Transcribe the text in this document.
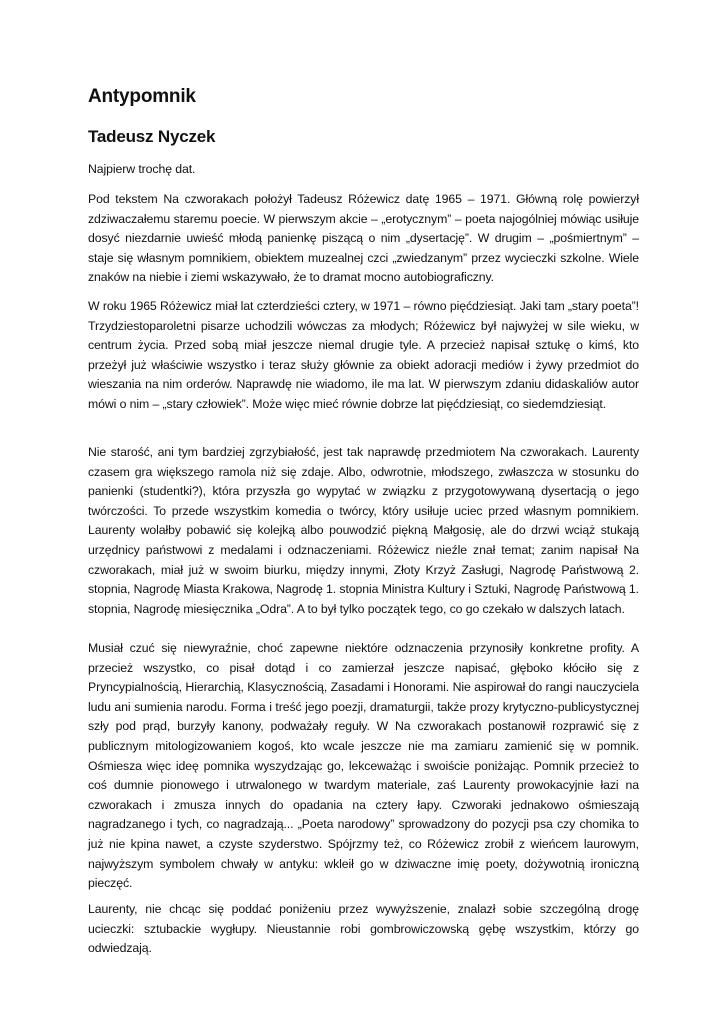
Antypomnik
Tadeusz Nyczek

Najpierw trochę dat.

Pod tekstem Na czworakach położył Tadeusz Różewicz datę 1965 – 1971. Główną rolę powierzył zdziwaczałemu staremu poecie. W pierwszym akcie – „erotycznym” – poeta najogólniej mówiąc usiłuje dosyć niezdarnie uwieść młodą panienkę piszącą o nim „dysertację”. W drugim – „pośmiertnym” – staje się własnym pomnikiem, obiektem muzealnej czci „zwiedzanym” przez wycieczki szkolne. Wiele znaków na niebie i ziemi wskazywało, że to dramat mocno autobiograficzny.

W roku 1965 Różewicz miał lat czterdzieści cztery, w 1971 – równo pięćdziesiąt. Jaki tam „stary poeta”! Trzydziestoparoletni pisarze uchodzili wówczas za młodych; Różewicz był najwyżej w sile wieku, w centrum życia. Przed sobą miał jeszcze niemal drugie tyle. A przecież napisał sztukę o kimś, kto przeżył już właściwie wszystko i teraz służy głównie za obiekt adoracji mediów i żywy przedmiot do wieszania na nim orderów. Naprawdę nie wiadomo, ile ma lat. W pierwszym zdaniu didaskaliów autor mówi o nim – „stary człowiek”. Może więc mieć równie dobrze lat pięćdziesiąt, co siedemdziesiąt.

Nie starość, ani tym bardziej zgrzybiałość, jest tak naprawdę przedmiotem Na czworakach. Laurenty czasem gra większego ramola niż się zdaje. Albo, odwrotnie, młodszego, zwłaszcza w stosunku do panienki (studentki?), która przyszła go wypytać w związku z przygotowywaną dysertacją o jego twórczości. To przede wszystkim komedia o twórcy, który usiłuje uciec przed własnym pomnikiem. Laurenty wolałby pobawić się kolejką albo pouwodzić piękną Małgosię, ale do drzwi wciąż stukają urzędnicy państwowi z medalami i odznaczeniami. Różewicz nieźle znał temat; zanim napisał Na czworakach, miał już w swoim biurku, między innymi, Złoty Krzyż Zasługi, Nagrodę Państwową 2. stopnia, Nagrodę Miasta Krakowa, Nagrodę 1. stopnia Ministra Kultury i Sztuki, Nagrodę Państwową 1. stopnia, Nagrodę miesięcznika „Odra”. A to był tylko początek tego, co go czekało w dalszych latach.

Musiał czuć się niewyraźnie, choć zapewne niektóre odznaczenia przynosiły konkretne profity. A przecież wszystko, co pisał dotąd i co zamierzał jeszcze napisać, głęboko kłóciło się z Pryncypialnością, Hierarchią, Klasycznością, Zasadami i Honorami. Nie aspirował do rangi nauczyciela ludu ani sumienia narodu. Forma i treść jego poezji, dramaturgii, także prozy krytyczno-publicystycznej szły pod prąd, burzyły kanony, podważały reguły. W Na czworakach postanowił rozprawić się z publicznym mitologizowaniem kogoś, kto wcale jeszcze nie ma zamiaru zamienić się w pomnik. Ośmiesza więc ideę pomnika wyszydzając go, lekceważąc i swoiście poniżając. Pomnik przecież to coś dumnie pionowego i utrwalonego w twardym materiale, zaś Laurenty prowokacyjnie łazi na czworakach i zmusza innych do opadania na cztery łapy. Czworaki jednakowo ośmieszają nagradzanego i tych, co nagradzają... „Poeta narodowy” sprowadzony do pozycji psa czy chomika to już nie kpina nawet, a czyste szyderstwo. Spójrzmy też, co Różewicz zrobił z wieńcem laurowym, najwyższym symbolem chwały w antyku: wkleił go w dziwaczne imię poety, dożywotnią ironiczną pieczęć.

Laurenty, nie chcąc się poddać poniżeniu przez wywyższenie, znalazł sobie szczególną drogę ucieczki: sztubackie wygłupy. Nieustannie robi gombrowiczowską gębę wszystkim, którzy go odwiedzają.
